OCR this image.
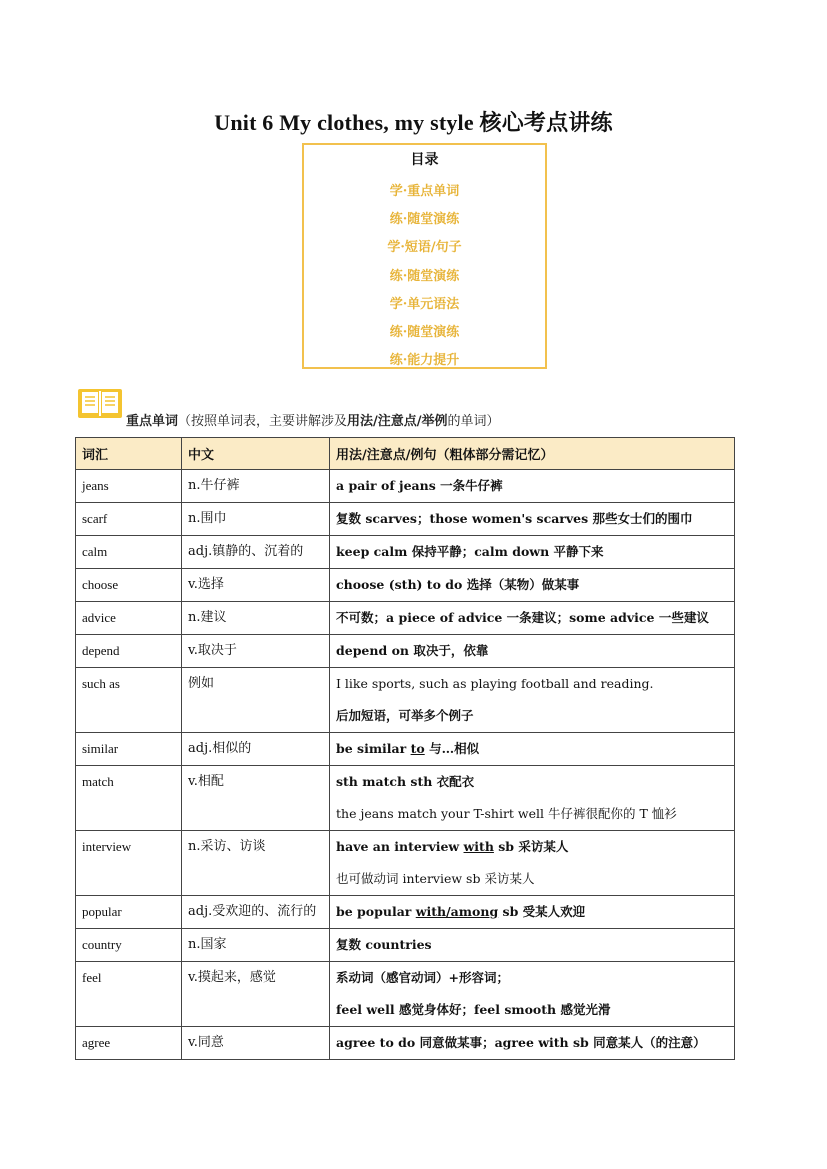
Unit 6 My clothes, my style 核心考点讲练
目录
学·重点单词
练·随堂演练
学·短语/句子
练·随堂演练
学·单元语法
练·随堂演练
练·能力提升
重点单词（按照单词表，主要讲解涉及用法/注意点/举例的单词）
词汇	中文	用法/注意点/例句（粗体部分需记忆）
jeans	n.牛仔裤	a pair of jeans 一条牛仔裤

scarf	n.围巾	复数 scarves；those women's scarves 那些女士们的围巾

calm	adj.镇静的、沉着的	keep calm 保持平静；calm down 平静下来

choose	v.选择	choose (sth) to do 选择（某物）做某事

advice	n.建议	不可数；a piece of advice 一条建议；some advice 一些建议

depend	v.取决于	depend on 取决于，依靠

such as	例如	I like sports, such as playing football and reading.
后加短语，可举多个例子

similar	adj.相似的	be similar to 与…相似

match	v.相配	sth match sth 衣配衣
the jeans match your T-shirt well 牛仔裤很配你的 T 恤衫

interview	n.采访、访谈	have an interview with sb 采访某人
也可做动词 interview sb 采访某人

popular	adj.受欢迎的、流行的	be popular with/among sb 受某人欢迎

country	n.国家	复数 countries

feel	v.摸起来，感觉	系动词（感官动词）+形容词；
feel well 感觉身体好；feel smooth 感觉光滑

agree	v.同意	agree to do 同意做某事；agree with sb 同意某人（的注意）
